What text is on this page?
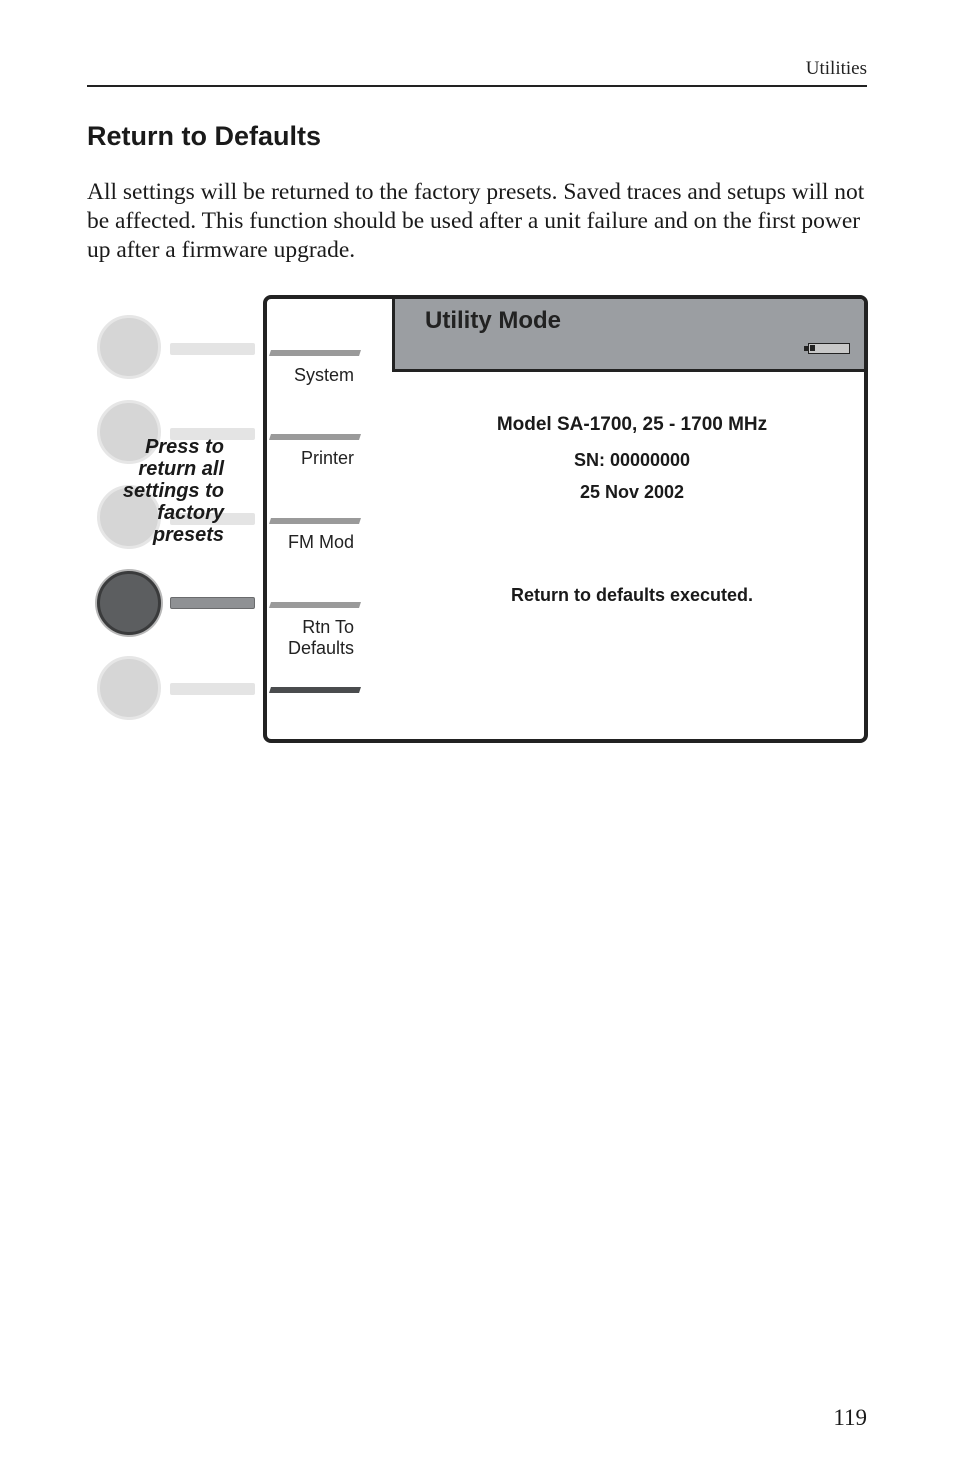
Utilities
Return to Defaults

All settings will be returned to the factory presets. Saved traces and setups will not be affected. This function should be used after a unit failure and on the first power up after a firmware upgrade.

Press to
return all
settings to
factory
presets

Utility Mode
System
Printer
FM Mod
Rtn To
Defaults
Model SA-1700, 25 - 1700 MHz
SN: 00000000
25 Nov 2002
Return to defaults executed.
119
